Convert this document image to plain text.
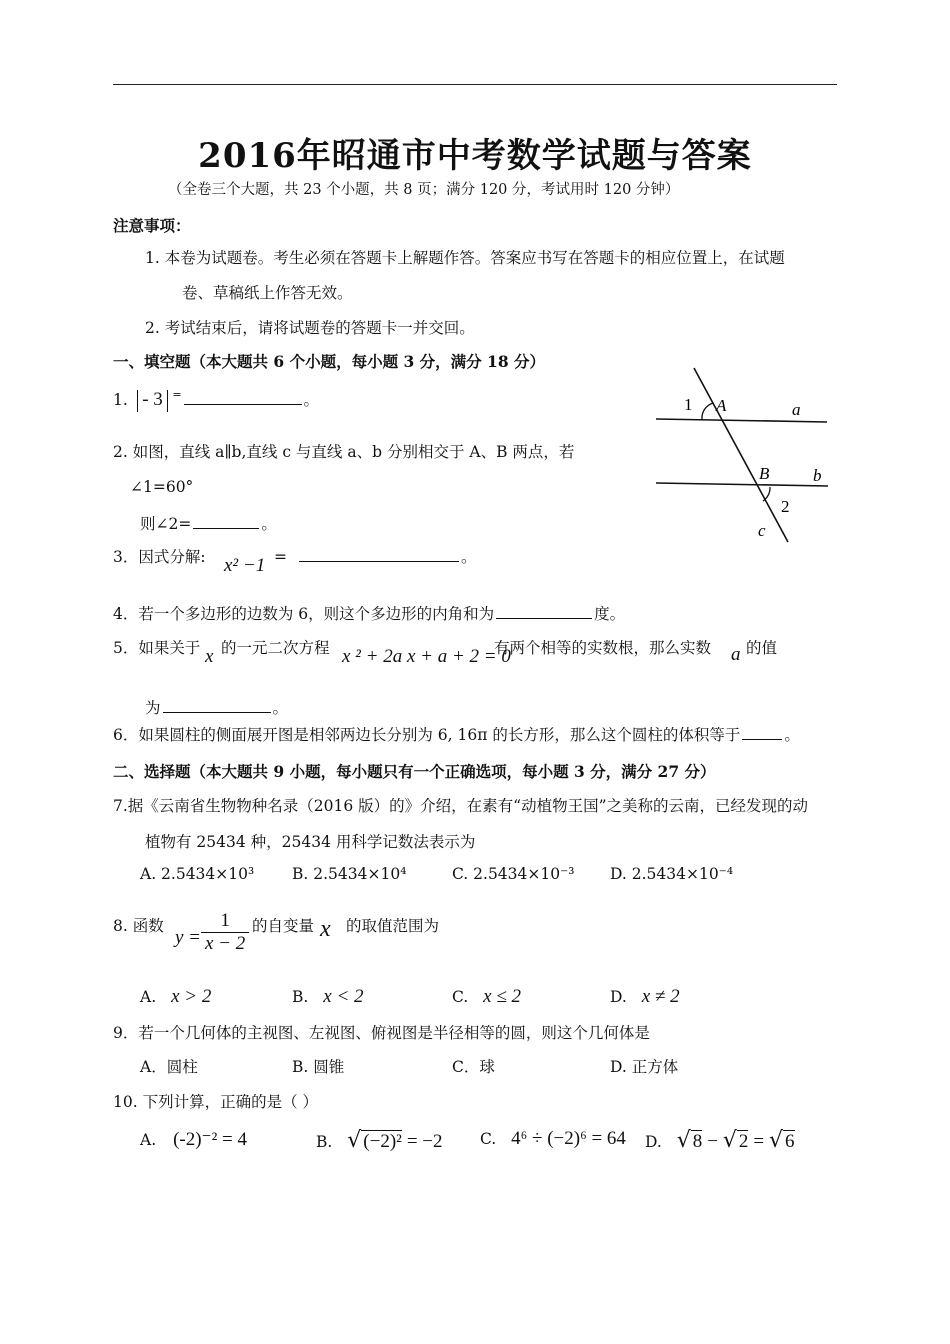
2016年昭通市中考数学试题与答案
（全卷三个大题，共 23 个小题，共 8 页；满分 120 分，考试用时 120 分钟）
注意事项：
1. 本卷为试题卷。考生必须在答题卡上解题作答。答案应书写在答题卡的相应位置上，在试题
卷、草稿纸上作答无效。
2. 考试结束后，请将试题卷的答题卡一并交回。
一、填空题（本大题共 6 个小题，每小题 3 分，满分 18 分）
1. - 3 =	。
2. 如图，直线 a∥b,直线 c 与直线 a、b 分别相交于 A、B 两点，若
∠1=60°
则∠2=	。
1 A	a
B	b
2
c
3．因式分解: x² −1 =	。
4．若一个多边形的边数为 6，则这个多边形的内角和为	度。
5．如果关于 x 的一元二次方程 x ² + 2a x + a + 2 = 0
有两个相等的实数根，那么实数 a 的值
为	。
6．如果圆柱的侧面展开图是相邻两边长分别为 6, 16π 的长方形，那么这个圆柱的体积等于	。
二、选择题（本大题共 9 小题，每小题只有一个正确选项，每小题 3 分，满分 27 分）
7.据《云南省生物物种名录（2016 版）的》介绍，在素有“动植物王国”之美称的云南，已经发现的动
植物有 25434 种，25434 用科学记数法表示为
A. 2.5434×10³ B. 2.5434×10⁴	C. 2.5434×10⁻³ D. 2.5434×10⁻⁴
8. 函数
$y = \frac{1}{x - 2}$ 的自变量 x 的取值范围为
A. x > 2	B. x < 2	C. x ≤ 2	D. x ≠ 2
9．若一个几何体的主视图、左视图、俯视图是半径相等的圆，则这个几何体是
A．圆柱	B. 圆锥	C．球	D. 正方体
10. 下列计算，正确的是（ ）
A. (-2)⁻² = 4	B. √ (−2)² = −2 C. 4⁶ ÷ (−2)⁶ = 64 D. √ 8 − √ 2 = √ 6
